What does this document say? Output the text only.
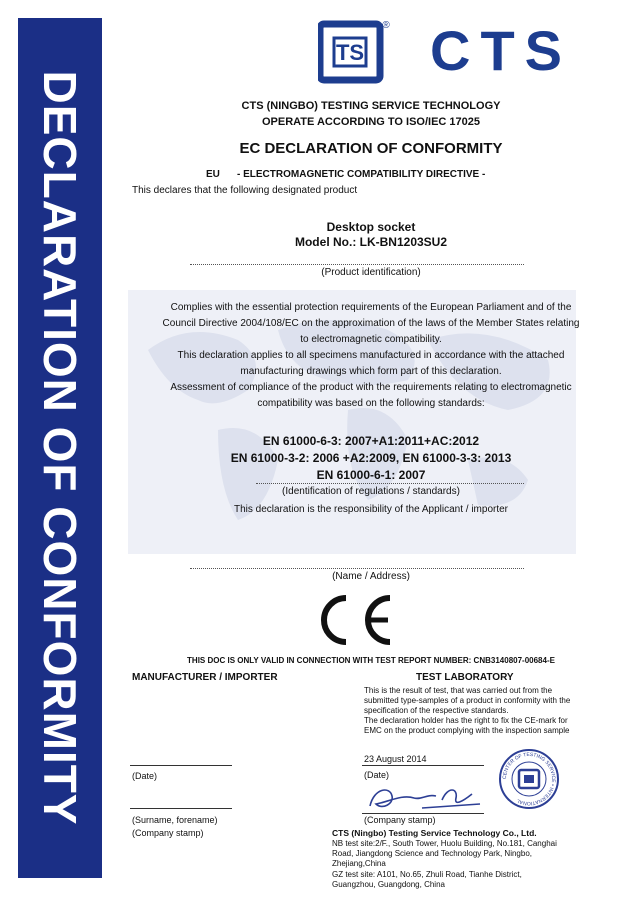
DECLARATION OF CONFORMITY
TS
® CTS
CTS (NINGBO) TESTING SERVICE TECHNOLOGY
OPERATE ACCORDING TO ISO/IEC 17025
EC DECLARATION OF CONFORMITY
EU - ELECTROMAGNETIC COMPATIBILITY DIRECTIVE -
This declares that the following designated product
Desktop socket
Model No.: LK-BN1203SU2
(Product identification)
Complies with the essential protection requirements of the European Parliament and of the
Council Directive 2004/108/EC on the approximation of the laws of the Member States relating
to electromagnetic compatibility.
This declaration applies to all specimens manufactured in accordance with the attached
manufacturing drawings which form part of this declaration.
Assessment of compliance of the product with the requirements relating to electromagnetic
compatibility was based on the following standards:
EN 61000-6-3: 2007+A1:2011+AC:2012
EN 61000-3-2: 2006 +A2:2009, EN 61000-3-3: 2013
EN 61000-6-1: 2007
(Identification of regulations / standards)
This declaration is the responsibility of the Applicant / importer
(Name / Address)
THIS DOC IS ONLY VALID IN CONNECTION WITH TEST REPORT NUMBER: CNB3140807-00684-E
MANUFACTURER / IMPORTER
(Date)
(Surname, forename)
(Company stamp)
TEST LABORATORY
This is the result of test, that was carried out from the
submitted type-samples of a product in conformity with the
specification of the respective standards.
The declaration holder has the right to fix the CE-mark for
EMC on the product complying with the inspection sample
23 August 2014
(Date)
(Company stamp)
CENTER OF TESTING SERVICE • INTERNATIONAL
CTS (Ningbo) Testing Service Technology Co., Ltd.
NB test site:2/F., South Tower, Huolu Building, No.181, Canghai
Road, Jiangdong Science and Technology Park, Ningbo,
Zhejiang,China
GZ test site: A101, No.65, Zhuli Road, Tianhe District,
Guangzhou, Guangdong, China
